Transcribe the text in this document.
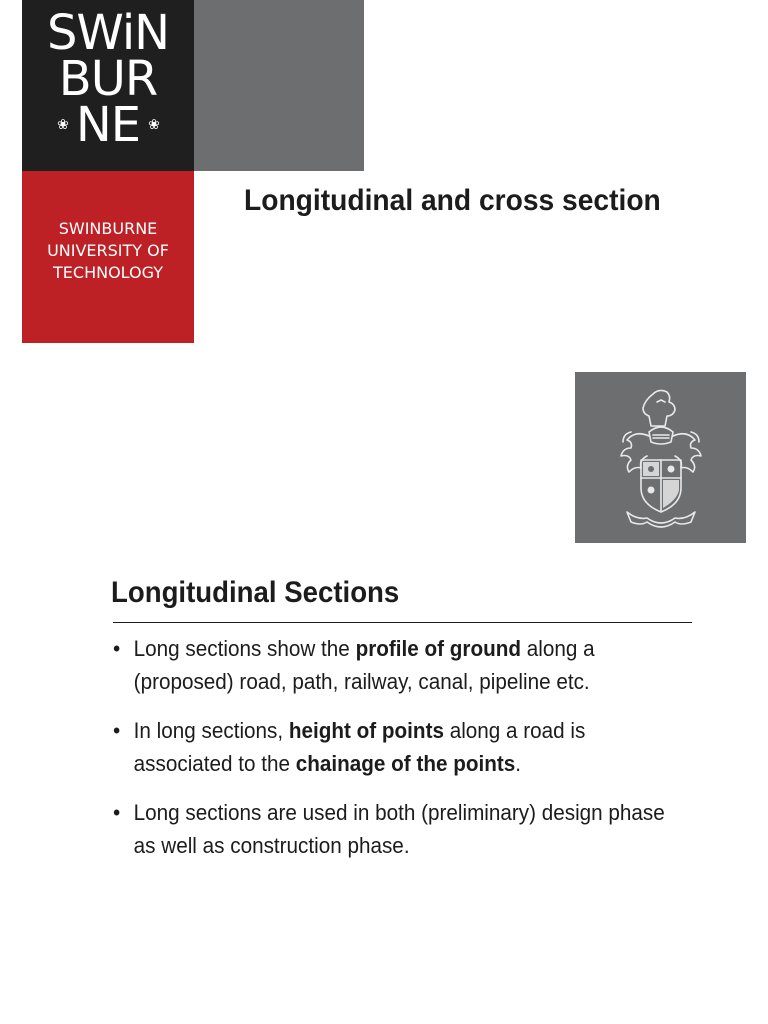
SWiN
BUR
❀ NE ❀
SWINBURNE
UNIVERSITY OF
TECHNOLOGY
Longitudinal and cross section
Longitudinal Sections
• Long sections show the profile of ground along a (proposed) road, path, railway, canal, pipeline etc.
• In long sections, height of points along a road is associated to the chainage of the points.
• Long sections are used in both (preliminary) design phase as well as construction phase.
